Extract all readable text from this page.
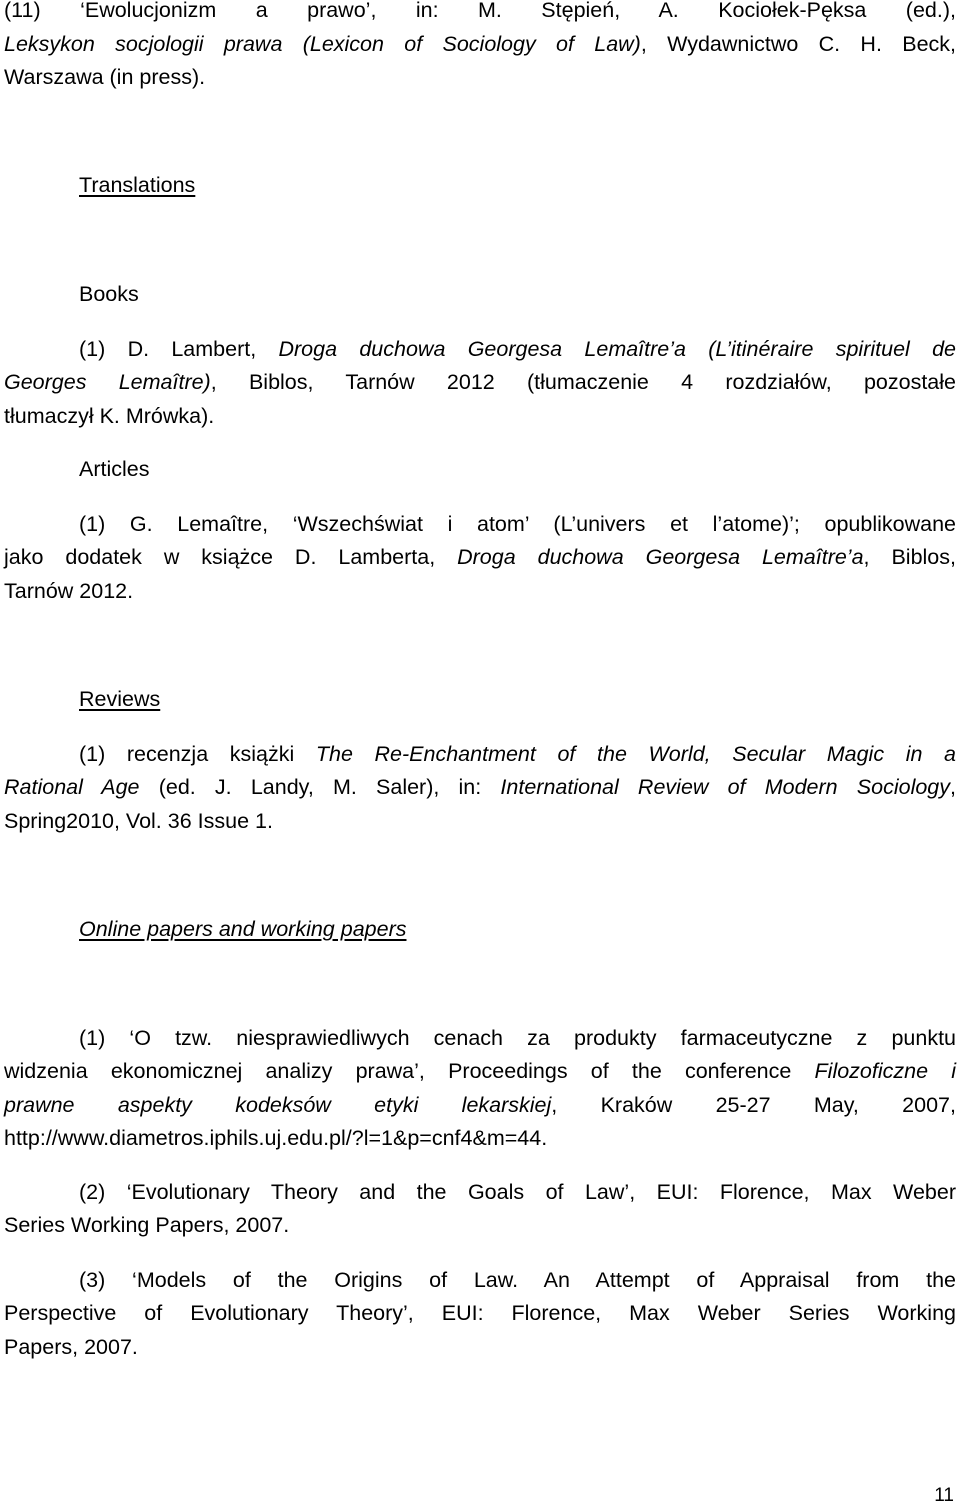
(11) ‘Ewolucjonizm a prawo’, in: M. Stępień, A. Kociołek-Pęksa (ed.),
Leksykon socjologii prawa (Lexicon of Sociology of Law), Wydawnictwo C. H. Beck,
Warszawa (in press).
Translations
Books
(1) D. Lambert, Droga duchowa Georgesa Lemaître’a (L’itinéraire spirituel de
Georges Lemaître), Biblos, Tarnów 2012 (tłumaczenie 4 rozdziałów, pozostałe
tłumaczył K. Mrówka).
Articles
(1) G. Lemaître, ‘Wszechświat i atom’ (L’univers et l’atome)’; opublikowane
jako dodatek w książce D. Lamberta, Droga duchowa Georgesa Lemaître’a, Biblos,
Tarnów 2012.
Reviews
(1) recenzja książki The Re-Enchantment of the World, Secular Magic in a
Rational Age (ed. J. Landy, M. Saler), in: International Review of Modern Sociology,
Spring2010, Vol. 36 Issue 1.
Online papers and working papers
(1) ‘O tzw. niesprawiedliwych cenach za produkty farmaceutyczne z punktu
widzenia ekonomicznej analizy prawa’, Proceedings of the conference Filozoficzne i
prawne aspekty kodeksów etyki lekarskiej, Kraków 25-27 May, 2007,
http://www.diametros.iphils.uj.edu.pl/?l=1&p=cnf4&m=44.
(2) ‘Evolutionary Theory and the Goals of Law’, EUI: Florence, Max Weber
Series Working Papers, 2007.
(3) ‘Models of the Origins of Law. An Attempt of Appraisal from the
Perspective of Evolutionary Theory’, EUI: Florence, Max Weber Series Working
Papers, 2007.
11
